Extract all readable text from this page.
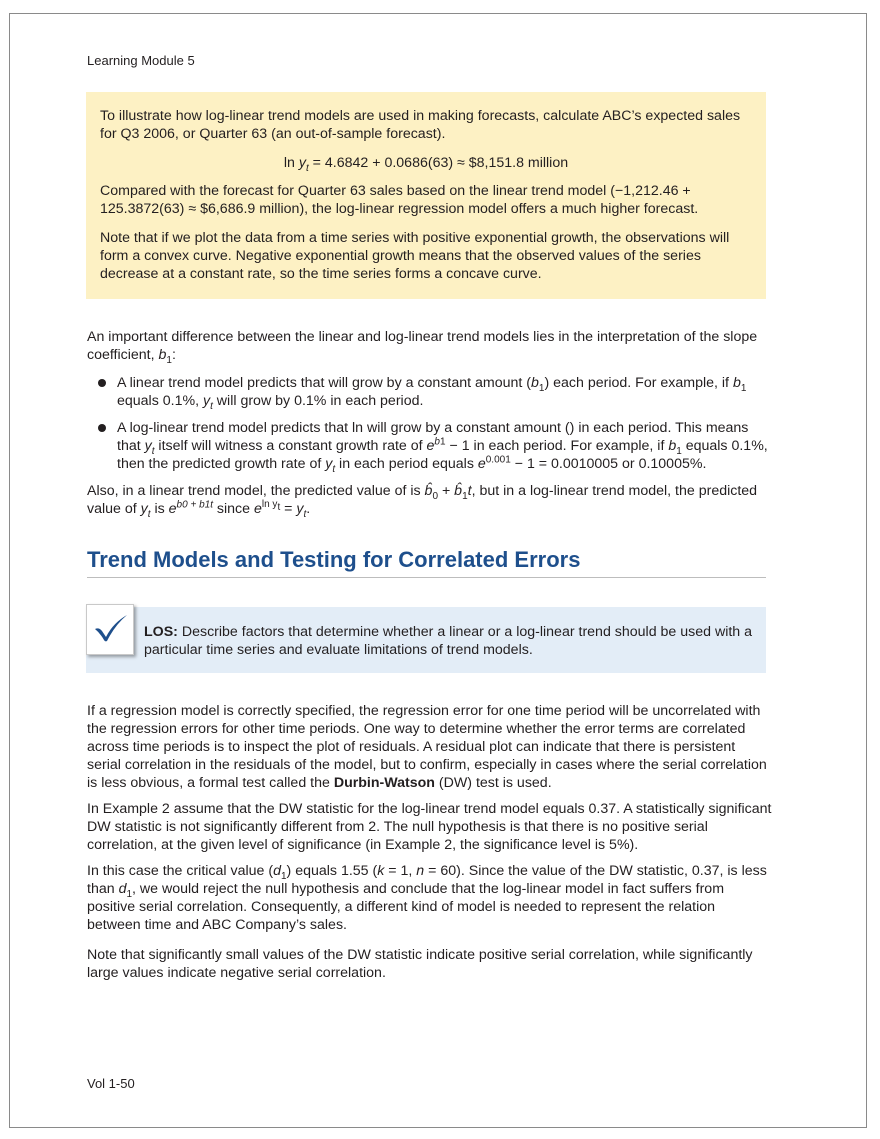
Learning Module 5

To illustrate how log-linear trend models are used in making forecasts, calculate ABC’s expected sales for Q3 2006, or Quarter 63 (an out-of-sample forecast).

$\ln y_t = 4.6842 + 0.0686(63)$ ≈ $8,151.8 million

Compared with the forecast for Quarter 63 sales based on the linear trend model (−1,212.46 + 125.3872(63) ≈ $6,686.9 million), the log-linear regression model offers a much higher forecast.

Note that if we plot the data from a time series with positive exponential growth, the observations will form a convex curve. Negative exponential growth means that the observed values of the series decrease at a constant rate, so the time series forms a concave curve.

An important difference between the linear and log-linear trend models lies in the interpretation of the slope coefficient, $b_1$:

A linear trend model predicts that will grow by a constant amount $(b_1)$ each period. For example, if $b_1$ equals 0.1%, $y_t$ will grow by 0.1% in each period.
A log-linear trend model predicts that ln will grow by a constant amount () in each period. This means that $y_t$ itself will witness a constant growth rate of $e^{b1} - 1$ in each period. For example, if $b_1$ equals 0.1%, then the predicted growth rate of $y_t$ in each period equals $e^{0.001} - 1 = 0.0010005$ or 0.10005%.

Also, in a linear trend model, the predicted value of is $b̂_0$ + $b̂_1t$, but in a log-linear trend model, the predicted value of $y_t$ is $e^{b0 + b1t}$ since $e^{ln y_t} = y_t$.

Trend Models and Testing for Correlated Errors
LOS: Describe factors that determine whether a linear or a log-linear trend should be used with a particular time series and evaluate limitations of trend models.

If a regression model is correctly specified, the regression error for one time period will be uncorrelated with the regression errors for other time periods. One way to determine whether the error terms are correlated across time periods is to inspect the plot of residuals. A residual plot can indicate that there is persistent serial correlation in the residuals of the model, but to confirm, especially in cases where the serial correlation is less obvious, a formal test called the Durbin-Watson (DW) test is used.

In Example 2 assume that the DW statistic for the log-linear trend model equals 0.37. A statistically significant DW statistic is not significantly different from 2. The null hypothesis is that there is no positive serial correlation, at the given level of significance (in Example 2, the significance level is 5%).

In this case the critical value $(d_1)$ equals 1.55 (k = 1, n = 60). Since the value of the DW statistic, 0.37, is less than $d_1$, we would reject the null hypothesis and conclude that the log-linear model in fact suffers from positive serial correlation. Consequently, a different kind of model is needed to represent the relation between time and ABC Company’s sales.

Note that significantly small values of the DW statistic indicate positive serial correlation, while significantly large values indicate negative serial correlation.

Vol 1-50
